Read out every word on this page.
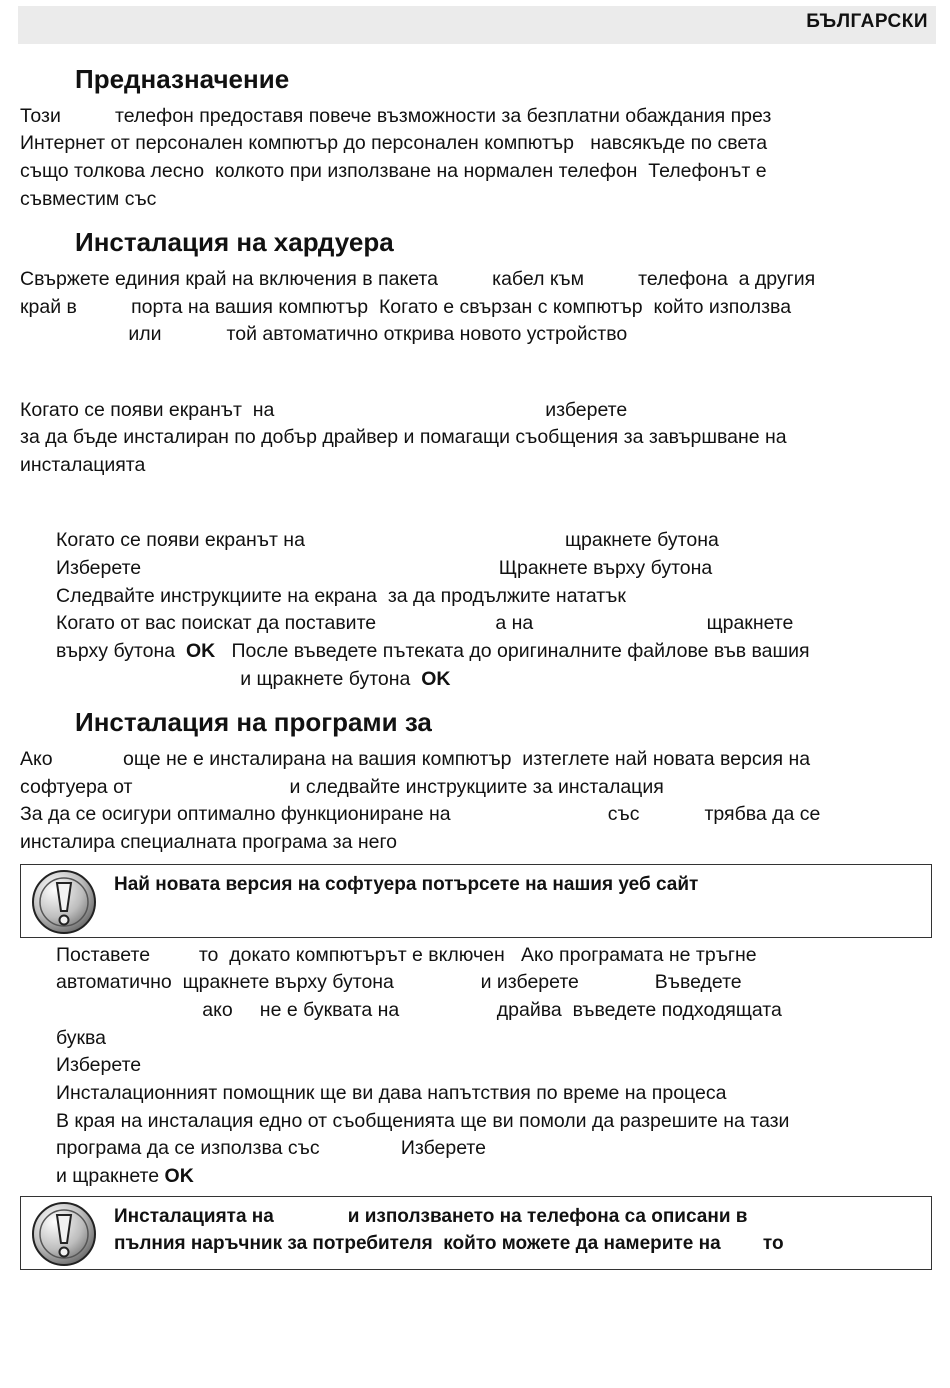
БЪЛГАРСКИ
Предназначение
Този          телефон предоставя повече възможности за безплатни обаждания през
Интернет от персонален компютър до персонален компютър   навсякъде по света
също толкова лесно  колкото при използване на нормален телефон  Телефонът е
съвместим със
Инсталация на хардуера
Свържете единия край на включения в пакета          кабел към          телефона  а другия
край в          порта на вашия компютър  Когато е свързан с компютър  който използва
или            той автоматично открива новото устройство
Когато се появи екранът  на                                                  изберете
за да бъде инсталиран по добър драйвер и помагащи съобщения за завършване на
инсталацията
Когато се появи екранът на                                                щракнете бутона
Изберете                                                                  Щракнете върху бутона
Следвайте инструкциите на екрана  за да продължите нататък
Когато от вас поискат да поставите                      а на                                щракнете
върху бутона  OK   После въведете пътеката до оригиналните файлове във вашия
и щракнете бутона  OK
Инсталация на програми за
Ако             още не е инсталирана на вашия компютър  изтеглете най новата версия на
софтуера от                             и следвайте инструкциите за инсталация
За да се осигури оптимално функциониране на                             със            трябва да се
инсталира специалната програма за него
Най новата версия на софтуера потърсете на нашия уеб сайт
Поставете         то  докато компютърът е включен   Ако програмата не тръгне
автоматично  щракнете върху бутона                и изберете              Въведете
ако     не е буквата на                  драйва  въведете подходящата
буква
Изберете
Инсталационният помощник ще ви дава напътствия по време на процеса
В края на инсталация едно от съобщенията ще ви помоли да разрешите на тази
програма да се използва със               Изберете
и щракнете OK
Инсталацията на              и използването на телефона са описани в
пълния наръчник за потребителя  който можете да намерите на        то
